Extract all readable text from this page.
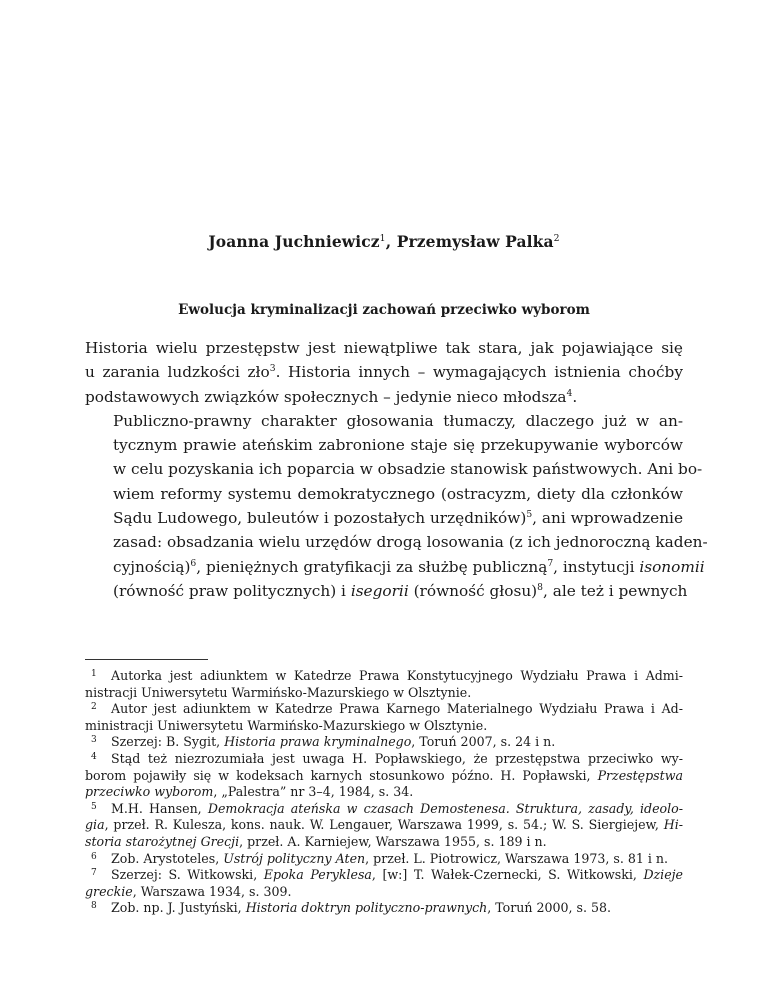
Joanna Juchniewicz$^1$, Przemysław Palka$^2$
Ewolucja kryminalizacji zachowań przeciwko wyborom

Historia wielu przestępstw jest niewątpliwe tak stara, jak pojawiające się
u zarania ludzkości zło$^3$. Historia innych – wymagających istnienia choćby
podstawowych związków społecznych – jedynie nieco młodsza$^4$.

Publiczno-prawny charakter głosowania tłumaczy, dlaczego już w an-
tycznym prawie ateńskim zabronione staje się przekupywanie wyborców
w celu pozyskania ich poparcia w obsadzie stanowisk państwowych. Ani bo-
wiem reformy systemu demokratycznego (ostracyzm, diety dla członków
Sądu Ludowego, buleutów i pozostałych urzędników)$^5$, ani wprowadzenie
zasad: obsadzania wielu urzędów drogą losowania (z ich jednoroczną kaden-
cyjnością)$^6$, pieniężnych gratyfikacji za służbę publiczną$^7$, instytucji isonomii
(równość praw politycznych) i isegorii (równość głosu)$^8$, ale też i pewnych

1 Autorka jest adiunktem w Katedrze Prawa Konstytucyjnego Wydziału Prawa i Admi-
nistracji Uniwersytetu Warmińsko-Mazurskiego w Olsztynie.
2 Autor jest adiunktem w Katedrze Prawa Karnego Materialnego Wydziału Prawa i Ad-
ministracji Uniwersytetu Warmińsko-Mazurskiego w Olsztynie.
3 Szerzej: B. Sygit, Historia prawa kryminalnego, Toruń 2007, s. 24 i n.
4 Stąd też niezrozumiała jest uwaga H. Popławskiego, że przestępstwa przeciwko wy-
borom pojawiły się w kodeksach karnych stosunkowo późno. H. Popławski, Przestępstwa
przeciwko wyborom, „Palestra” nr 3–4, 1984, s. 34.
5 M.H. Hansen, Demokracja ateńska w czasach Demostenesa. Struktura, zasady, ideolo-
gia, przeł. R. Kulesza, kons. nauk. W. Lengauer, Warszawa 1999, s. 54.; W. S. Siergiejew, Hi-
storia starożytnej Grecji, przeł. A. Karniejew, Warszawa 1955, s. 189 i n.
6 Zob. Arystoteles, Ustrój polityczny Aten, przeł. L. Piotrowicz, Warszawa 1973, s. 81 i n.
7 Szerzej: S. Witkowski, Epoka Peryklesa, [w:] T. Wałek-Czernecki, S. Witkowski, Dzieje
greckie, Warszawa 1934, s. 309.
8 Zob. np. J. Justyński, Historia doktryn polityczno-prawnych, Toruń 2000, s. 58.
